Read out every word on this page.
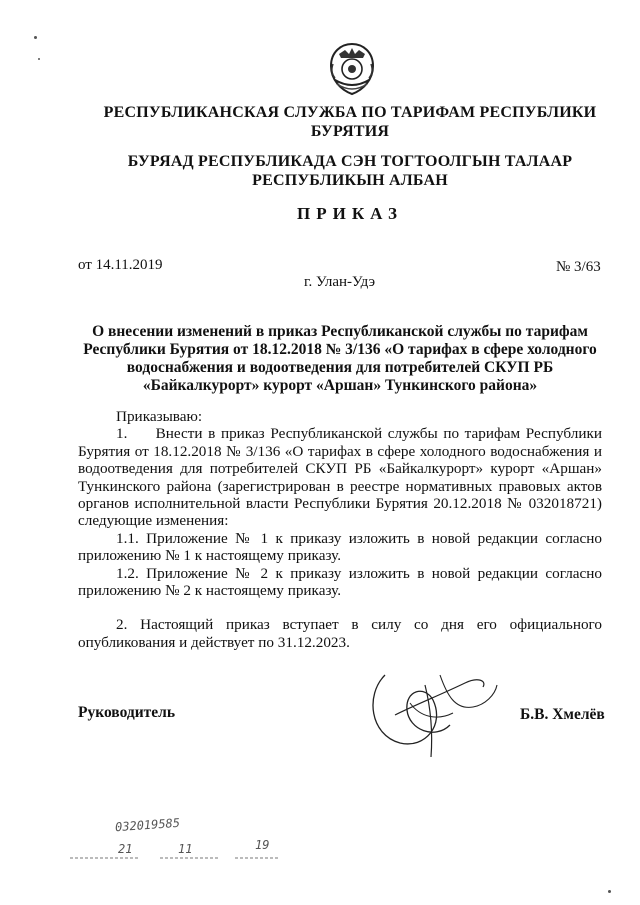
РЕСПУБЛИКАНСКАЯ СЛУЖБА ПО ТАРИФАМ РЕСПУБЛИКИ
БУРЯТИЯ
БУРЯАД РЕСПУБЛИКАДА СЭН ТОГТООЛГЫН ТАЛААР
РЕСПУБЛИКЫН АЛБАН
ПРИКАЗ
от 14.11.2019	№ 3/63
г. Улан-Удэ
О внесении изменений в приказ Республиканской службы по тарифам
Республики Бурятия от 18.12.2018 № 3/136 «О тарифах в сфере холодного
водоснабжения и водоотведения для потребителей СКУП РБ
«Байкалкурорт» курорт «Аршан» Тункинского района»

Приказываю:

1.     Внести в приказ Республиканской службы по тарифам Республики Бурятия от 18.12.2018 № 3/136 «О тарифах в сфере холодного водоснабжения и водоотведения для потребителей СКУП РБ «Байкалкурорт» курорт «Аршан» Тункинского района (зарегистрирован в реестре нормативных правовых актов органов исполнительной власти Республики Бурятия 20.12.2018 № 032018721) следующие изменения:

1.1. Приложение № 1 к приказу изложить в новой редакции согласно приложению № 1 к настоящему приказу.

1.2. Приложение № 2 к приказу изложить в новой редакции согласно приложению № 2 к настоящему приказу.

2. Настоящий приказ вступает в силу со дня его официального опубликования и действует по 31.12.2023.

Руководитель	Б.В. Хмелёв
032019585
21	11	19
